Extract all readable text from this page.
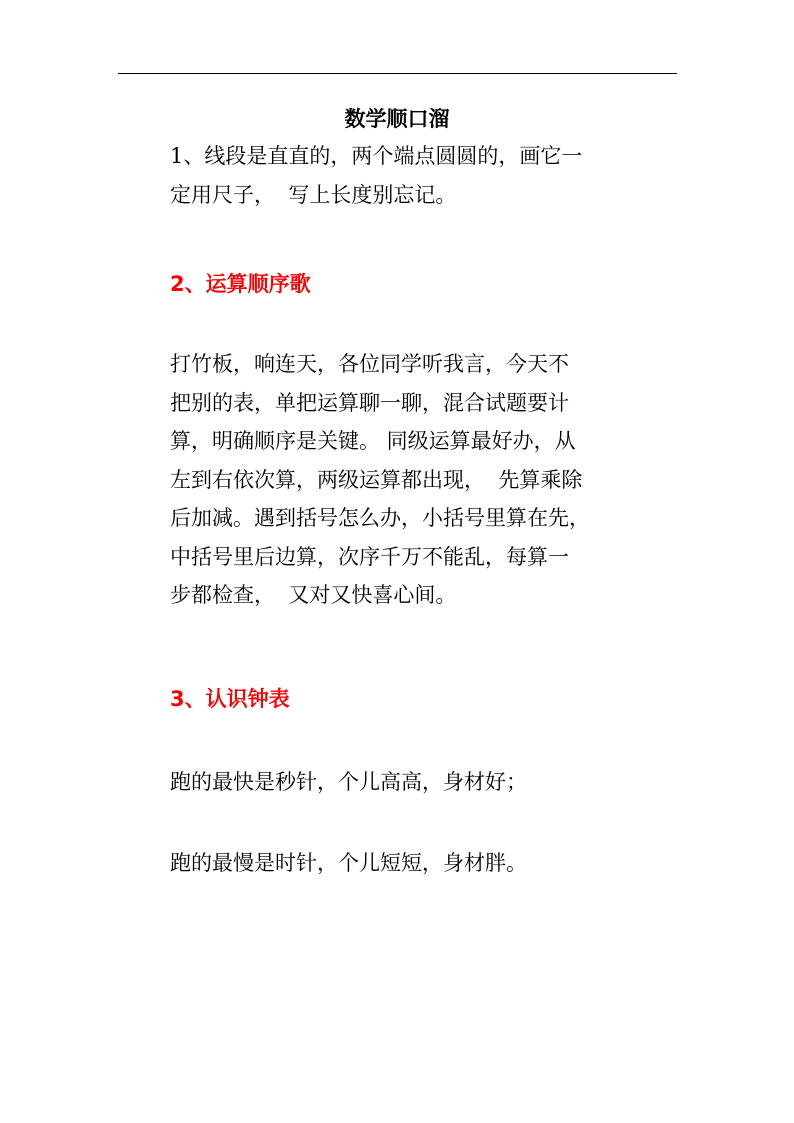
数学顺口溜
1、线段是直直的，两个端点圆圆的，画它一
定用尺子，  写上长度别忘记。
2、运算顺序歌
打竹板，响连天，各位同学听我言，今天不
把别的表，单把运算聊一聊，混合试题要计
算，明确顺序是关键。 同级运算最好办，从
左到右依次算，两级运算都出现，  先算乘除
后加减。遇到括号怎么办，小括号里算在先，
中括号里后边算，次序千万不能乱，每算一
步都检查，  又对又快喜心间。
3、认识钟表
跑的最快是秒针，个儿高高，身材好；
跑的最慢是时针，个儿短短，身材胖。
